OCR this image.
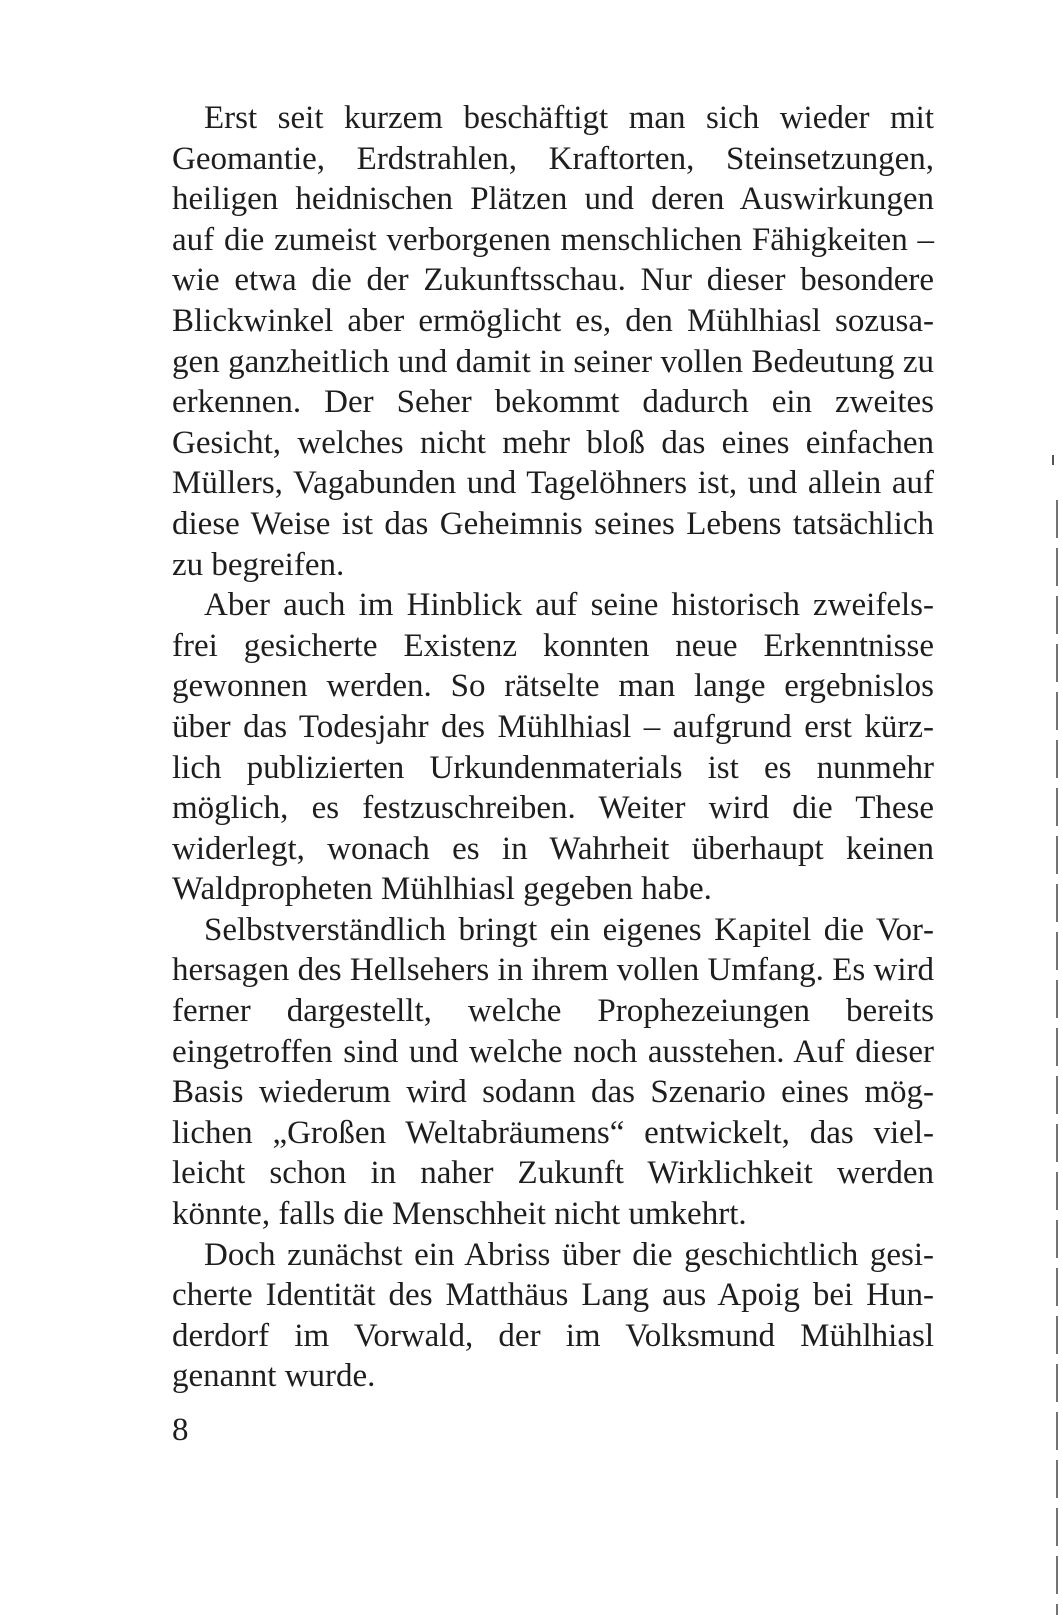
Erst seit kurzem beschäftigt man sich wieder mit Geomantie, Erdstrahlen, Kraftorten, Steinsetzungen, heiligen heidnischen Plätzen und deren Auswirkungen auf die zumeist verborgenen menschlichen Fähigkeiten – wie etwa die der Zukunftsschau. Nur dieser besondere Blickwinkel aber ermöglicht es, den Mühlhiasl sozusagen ganzheitlich und damit in seiner vollen Bedeutung zu erkennen. Der Seher bekommt dadurch ein zweites Gesicht, welches nicht mehr bloß das eines einfachen Müllers, Vagabunden und Tagelöhners ist, und allein auf diese Weise ist das Geheimnis seines Lebens tatsächlich zu begreifen.

Aber auch im Hinblick auf seine historisch zweifelsfrei gesicherte Existenz konnten neue Erkenntnisse gewonnen werden. So rätselte man lange ergebnislos über das Todesjahr des Mühlhiasl – aufgrund erst kürzlich publizierten Urkundenmaterials ist es nunmehr möglich, es festzuschreiben. Weiter wird die These widerlegt, wonach es in Wahrheit überhaupt keinen Waldpropheten Mühlhiasl gegeben habe.

Selbstverständlich bringt ein eigenes Kapitel die Vorhersagen des Hellsehers in ihrem vollen Umfang. Es wird ferner dargestellt, welche Prophezeiungen bereits eingetroffen sind und welche noch ausstehen. Auf dieser Basis wiederum wird sodann das Szenario eines möglichen „Großen Weltabräumens“ entwickelt, das vielleicht schon in naher Zukunft Wirklichkeit werden könnte, falls die Menschheit nicht umkehrt.

Doch zunächst ein Abriss über die geschichtlich gesicherte Identität des Matthäus Lang aus Apoig bei Hunderdorf im Vorwald, der im Volksmund Mühlhiasl genannt wurde.

8
